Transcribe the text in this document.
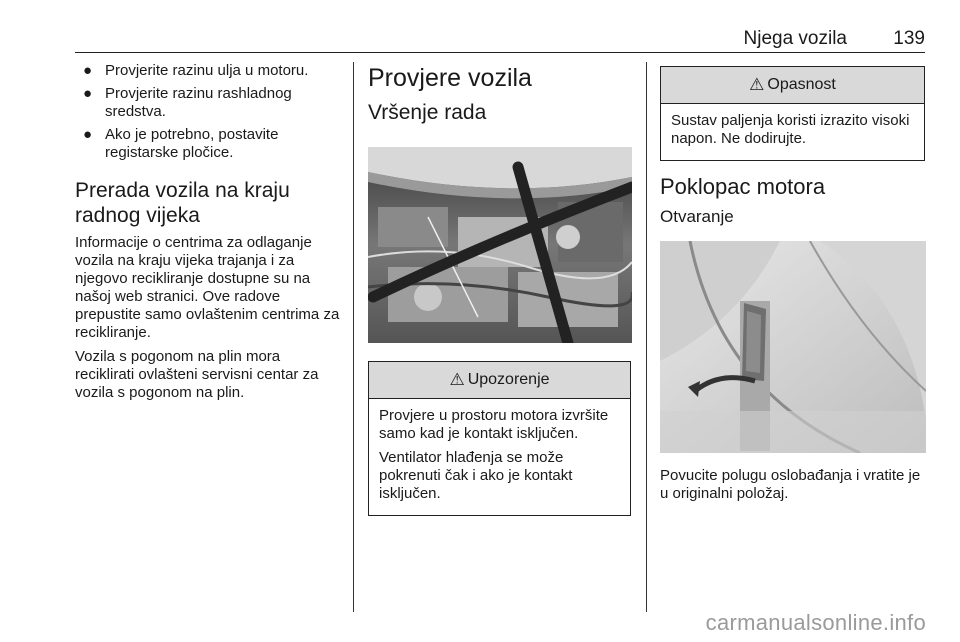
Njega vozila 139
● Provjerite razinu ulja u motoru.
● Provjerite razinu rashladnog sredstva.
● Ako je potrebno, postavite registarske pločice.
Prerada vozila na kraju radnog vijeka

Informacije o centrima za odlaganje vozila na kraju vijeka trajanja i za njegovo recikliranje dostupne su na našoj web stranici. Ove radove prepustite samo ovlaštenim centrima za recikliranje.

Vozila s pogonom na plin mora reciklirati ovlašteni servisni centar za vozila s pogonom na plin.

Provjere vozila
Vršenje rada
⚠ Upozorenje

Provjere u prostoru motora izvršite samo kad je kontakt isključen.

Ventilator hlađenja se može pokrenuti čak i ako je kontakt isključen.

⚠ Opasnost

Sustav paljenja koristi izrazito visoki napon. Ne dodirujte.

Poklopac motora
Otvaranje

Povucite polugu oslobađanja i vratite je u originalni položaj.

carmanualsonline.info
